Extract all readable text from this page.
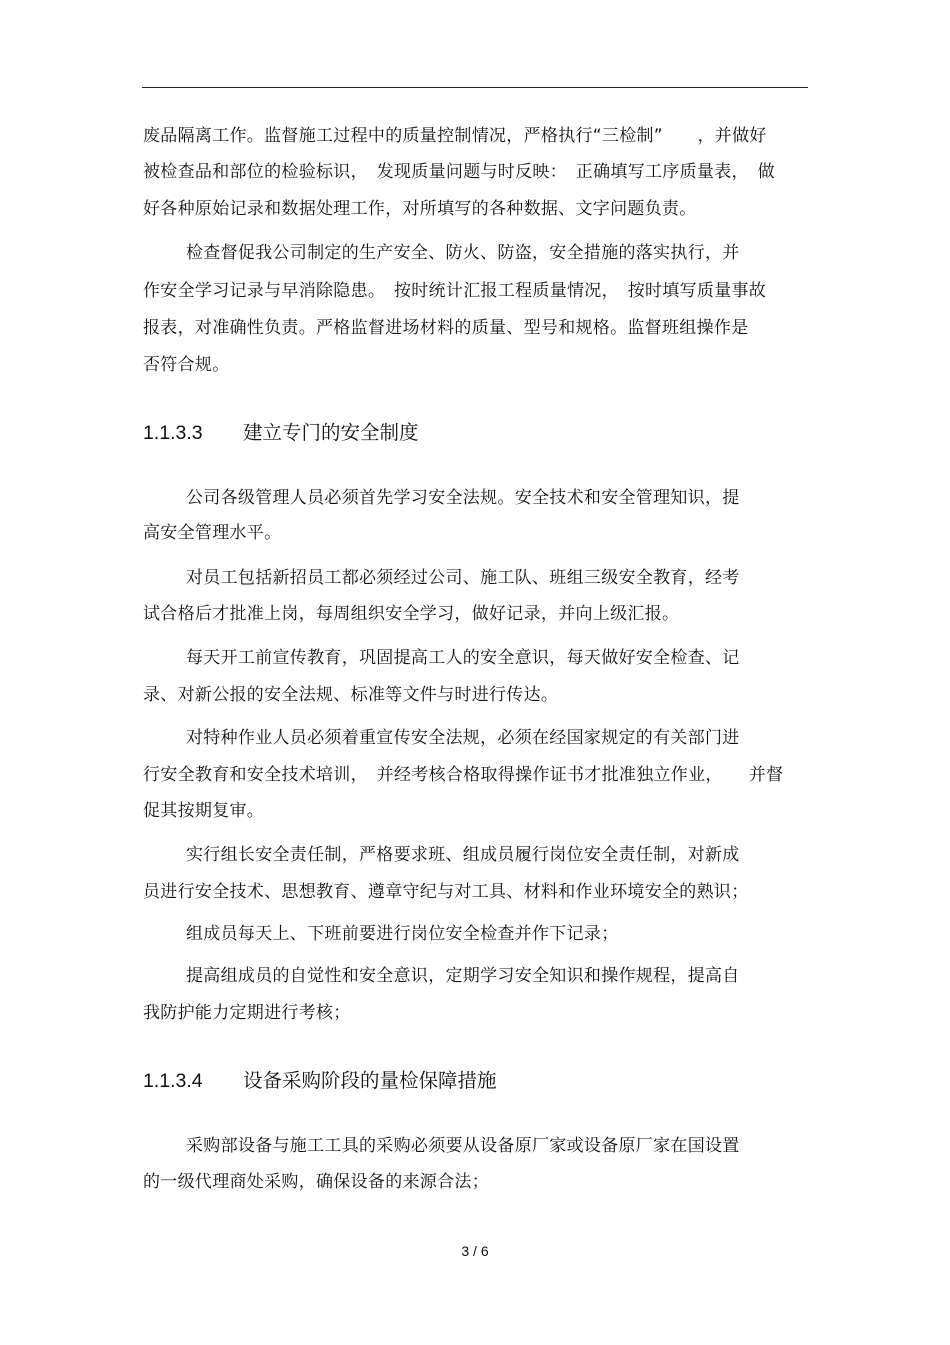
废品隔离工作。监督施工过程中的质量控制情况，严格执行“三检制”　　，并做好
被检查品和部位的检验标识，　发现质量问题与时反映：　正确填写工序质量表，　做
好各种原始记录和数据处理工作，对所填写的各种数据、文字问题负责。
检查督促我公司制定的生产安全、防火、防盗，安全措施的落实执行，并
作安全学习记录与早消除隐患。　按时统计汇报工程质量情况，　按时填写质量事故
报表，对准确性负责。严格监督进场材料的质量、型号和规格。监督班组操作是
否符合规。
1.1.3.3 建立专门的安全制度
公司各级管理人员必须首先学习安全法规。安全技术和安全管理知识，提
高安全管理水平。
对员工包括新招员工都必须经过公司、施工队、班组三级安全教育，经考
试合格后才批准上岗，每周组织安全学习，做好记录，并向上级汇报。
每天开工前宣传教育，巩固提高工人的安全意识，每天做好安全检查、记
录、对新公报的安全法规、标准等文件与时进行传达。
对特种作业人员必须着重宣传安全法规，必须在经国家规定的有关部门进
行安全教育和安全技术培训，　并经考核合格取得操作证书才批准独立作业，　　并督
促其按期复审。
实行组长安全责任制，严格要求班、组成员履行岗位安全责任制，对新成
员进行安全技术、思想教育、遵章守纪与对工具、材料和作业环境安全的熟识；
组成员每天上、下班前要进行岗位安全检查并作下记录；
提高组成员的自觉性和安全意识，定期学习安全知识和操作规程，提高自
我防护能力定期进行考核；
1.1.3.4 设备采购阶段的量检保障措施
采购部设备与施工工具的采购必须要从设备原厂家或设备原厂家在国设置
的一级代理商处采购，确保设备的来源合法；
3 / 6
